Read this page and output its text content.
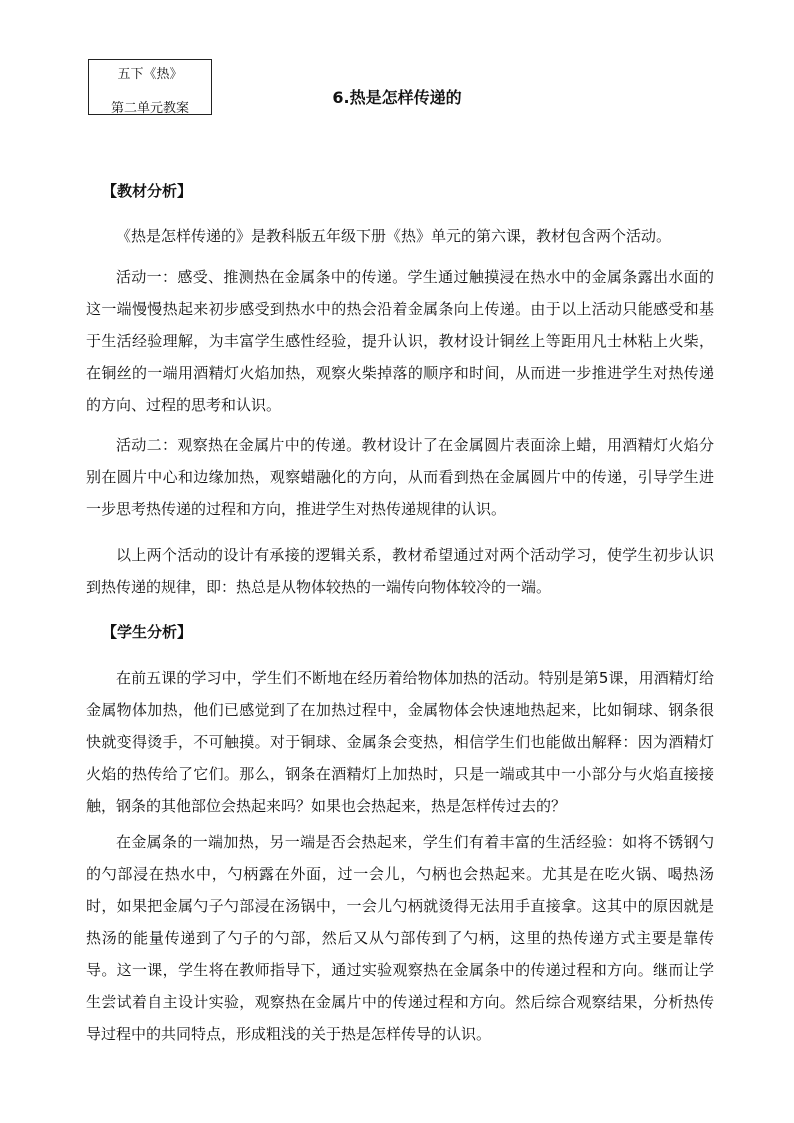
五下《热》
第二单元教案
6.热是怎样传递的
【教材分析】
《热是怎样传递的》是教科版五年级下册《热》单元的第六课，教材包含两个活动。
活动一：感受、推测热在金属条中的传递。学生通过触摸浸在热水中的金属条露出水面的这一端慢慢热起来初步感受到热水中的热会沿着金属条向上传递。由于以上活动只能感受和基于生活经验理解，为丰富学生感性经验，提升认识，教材设计铜丝上等距用凡士林粘上火柴，在铜丝的一端用酒精灯火焰加热，观察火柴掉落的顺序和时间，从而进一步推进学生对热传递的方向、过程的思考和认识。
活动二：观察热在金属片中的传递。教材设计了在金属圆片表面涂上蜡，用酒精灯火焰分别在圆片中心和边缘加热，观察蜡融化的方向，从而看到热在金属圆片中的传递，引导学生进一步思考热传递的过程和方向，推进学生对热传递规律的认识。
以上两个活动的设计有承接的逻辑关系，教材希望通过对两个活动学习，使学生初步认识到热传递的规律，即：热总是从物体较热的一端传向物体较冷的一端。
【学生分析】
在前五课的学习中，学生们不断地在经历着给物体加热的活动。特别是第5课，用酒精灯给金属物体加热，他们已感觉到了在加热过程中，金属物体会快速地热起来，比如铜球、钢条很快就变得烫手，不可触摸。对于铜球、金属条会变热，相信学生们也能做出解释：因为酒精灯火焰的热传给了它们。那么，钢条在酒精灯上加热时，只是一端或其中一小部分与火焰直接接触，钢条的其他部位会热起来吗？如果也会热起来，热是怎样传过去的？
在金属条的一端加热，另一端是否会热起来，学生们有着丰富的生活经验：如将不锈钢勺的勺部浸在热水中，勺柄露在外面，过一会儿，勺柄也会热起来。尤其是在吃火锅、喝热汤时，如果把金属勺子勺部浸在汤锅中，一会儿勺柄就烫得无法用手直接拿。这其中的原因就是热汤的能量传递到了勺子的勺部，然后又从勺部传到了勺柄，这里的热传递方式主要是靠传导。这一课，学生将在教师指导下，通过实验观察热在金属条中的传递过程和方向。继而让学生尝试着自主设计实验，观察热在金属片中的传递过程和方向。然后综合观察结果，分析热传导过程中的共同特点，形成粗浅的关于热是怎样传导的认识。
